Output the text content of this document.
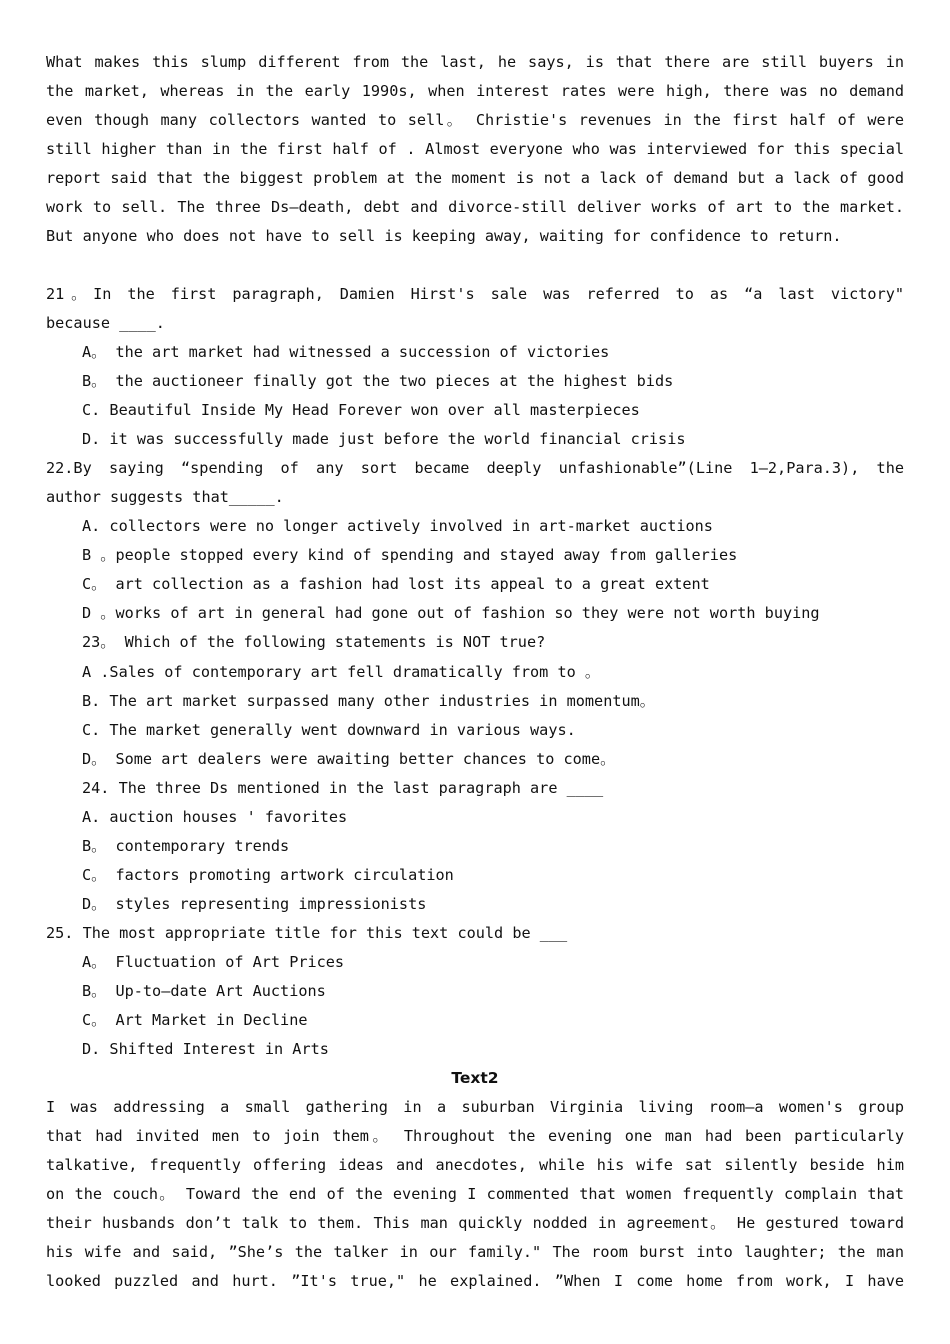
What makes this slump different from the last, he says, is that there are still buyers in
the market, whereas in the early 1990s, when interest rates were high, there was no demand
even though many collectors wanted to sell。 Christie's revenues in the first half of were
still higher than in the first half of . Almost everyone who was interviewed for this special
report said that the biggest problem at the moment is not a lack of demand but a lack of good
work to sell. The three Ds—death, debt and divorce-still deliver works of art to the market.
But anyone who does not have to sell is keeping away, waiting for confidence to return.
21。In the first paragraph, Damien Hirst's sale was referred to as “a last victory"
because ____.
A。 the art market had witnessed a succession of victories
B。 the auctioneer finally got the two pieces at the highest bids
C. Beautiful Inside My Head Forever won over all masterpieces
D. it was successfully made just before the world financial crisis
22.By saying “spending of any sort became deeply unfashionable”(Line 1—2,Para.3), the
author suggests that_____.
A. collectors were no longer actively involved in art-market auctions
B 。people stopped every kind of spending and stayed away from galleries
C。 art collection as a fashion had lost its appeal to a great extent
D 。works of art in general had gone out of fashion so they were not worth buying
23。 Which of the following statements is NOT true?
A .Sales of contemporary art fell dramatically from to 。
B. The art market surpassed many other industries in momentum。
C. The market generally went downward in various ways.
D。 Some art dealers were awaiting better chances to come。
24. The three Ds mentioned in the last paragraph are ____
A. auction houses ' favorites
B。 contemporary trends
C。 factors promoting artwork circulation
D。 styles representing impressionists
25. The most appropriate title for this text could be ___
A。 Fluctuation of Art Prices
B。 Up-to—date Art Auctions
C。 Art Market in Decline
D. Shifted Interest in Arts
Text2
I was addressing a small gathering in a suburban Virginia living room—a women's group
that had invited men to join them。 Throughout the evening one man had been particularly
talkative, frequently offering ideas and anecdotes, while his wife sat silently beside him
on the couch。 Toward the end of the evening I commented that women frequently complain that
their husbands don’t talk to them. This man quickly nodded in agreement。 He gestured toward
his wife and said, ”She’s the talker in our family." The room burst into laughter; the man
looked puzzled and hurt. ”It's true," he explained. ”When I come home from work, I have
